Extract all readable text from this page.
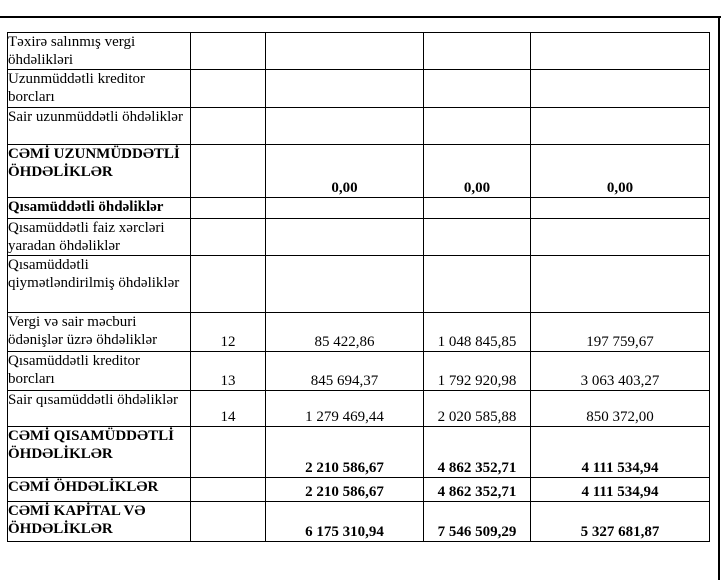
Təxirə salınmış vergi öhdəlikləri				
Uzunmüddətli kreditor borcları				
Sair uzunmüddətli öhdəliklər				
CƏMİ UZUNMÜDDƏTLİ ÖHDƏLİKLƏR		0,00	0,00	0,00
Qısamüddətli öhdəliklər				
Qısamüddətli faiz xərcləri yaradan öhdəliklər				
Qısamüddətli qiymətləndirilmiş öhdəliklər				
Vergi və sair məcburi ödənişlər üzrə öhdəliklər	12	85 422,86	1 048 845,85	197 759,67
Qısamüddətli kreditor borcları	13	845 694,37	1 792 920,98	3 063 403,27
Sair qısamüddətli öhdəliklər	14	1 279 469,44	2 020 585,88	850 372,00
CƏMİ QISAMÜDDƏTLİ ÖHDƏLİKLƏR		2 210 586,67	4 862 352,71	4 111 534,94
CƏMİ ÖHDƏLİKLƏR		2 210 586,67	4 862 352,71	4 111 534,94
CƏMİ KAPİTAL VƏ ÖHDƏLİKLƏR		6 175 310,94	7 546 509,29	5 327 681,87
